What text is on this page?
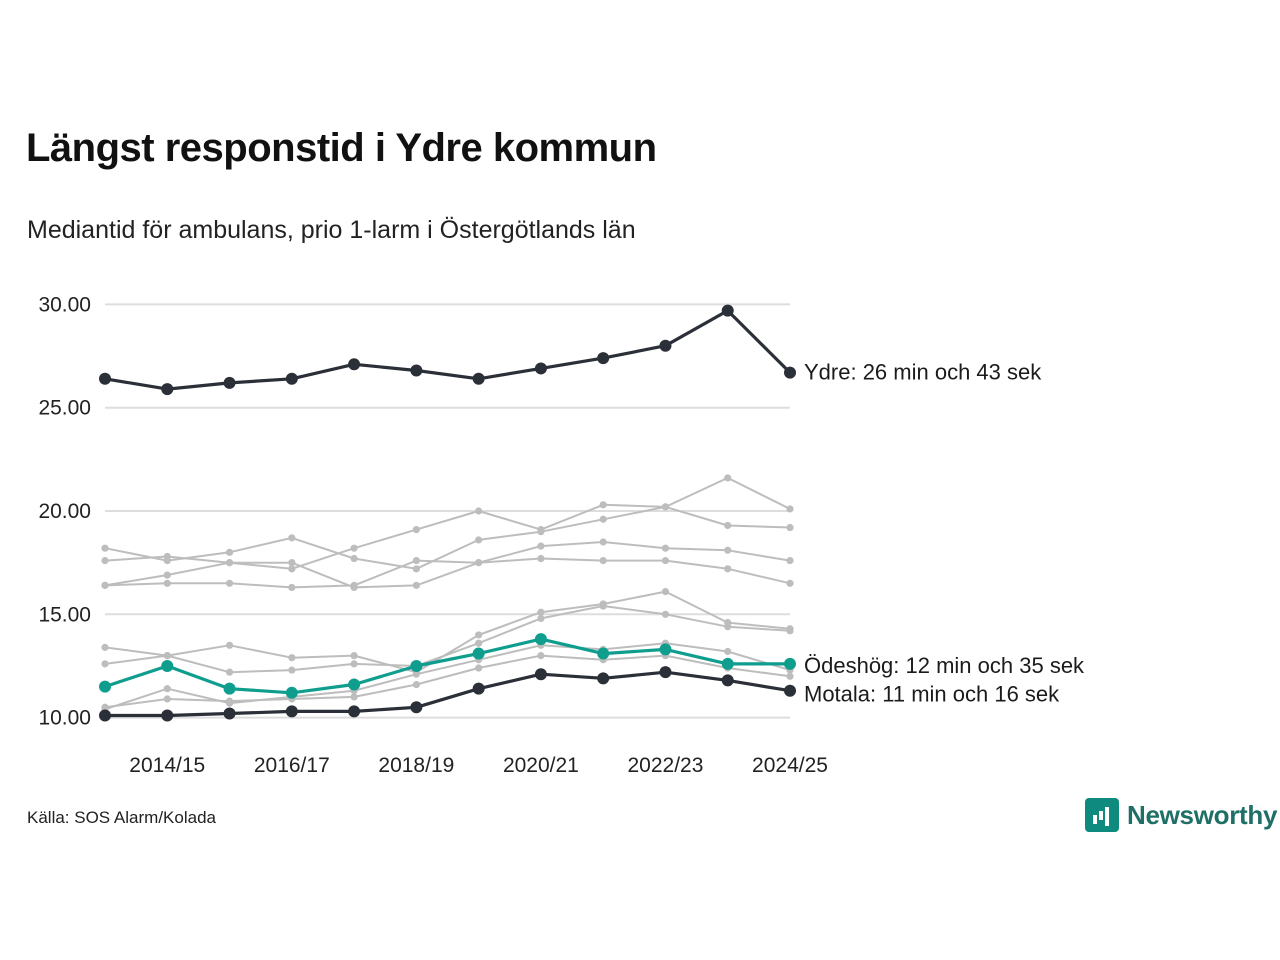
Längst responstid i Ydre kommun
Mediantid för ambulans, prio 1-larm i Östergötlands län
10.00
15.00
20.00
25.00
30.00
2014/15 2016/17 2018/19 2020/21 2022/23 2024/25
Ydre: 26 min och 43 sek
Ödeshög: 12 min och 35 sek
Motala: 11 min och 16 sek
Källa: SOS Alarm/Kolada	Newsworthy
